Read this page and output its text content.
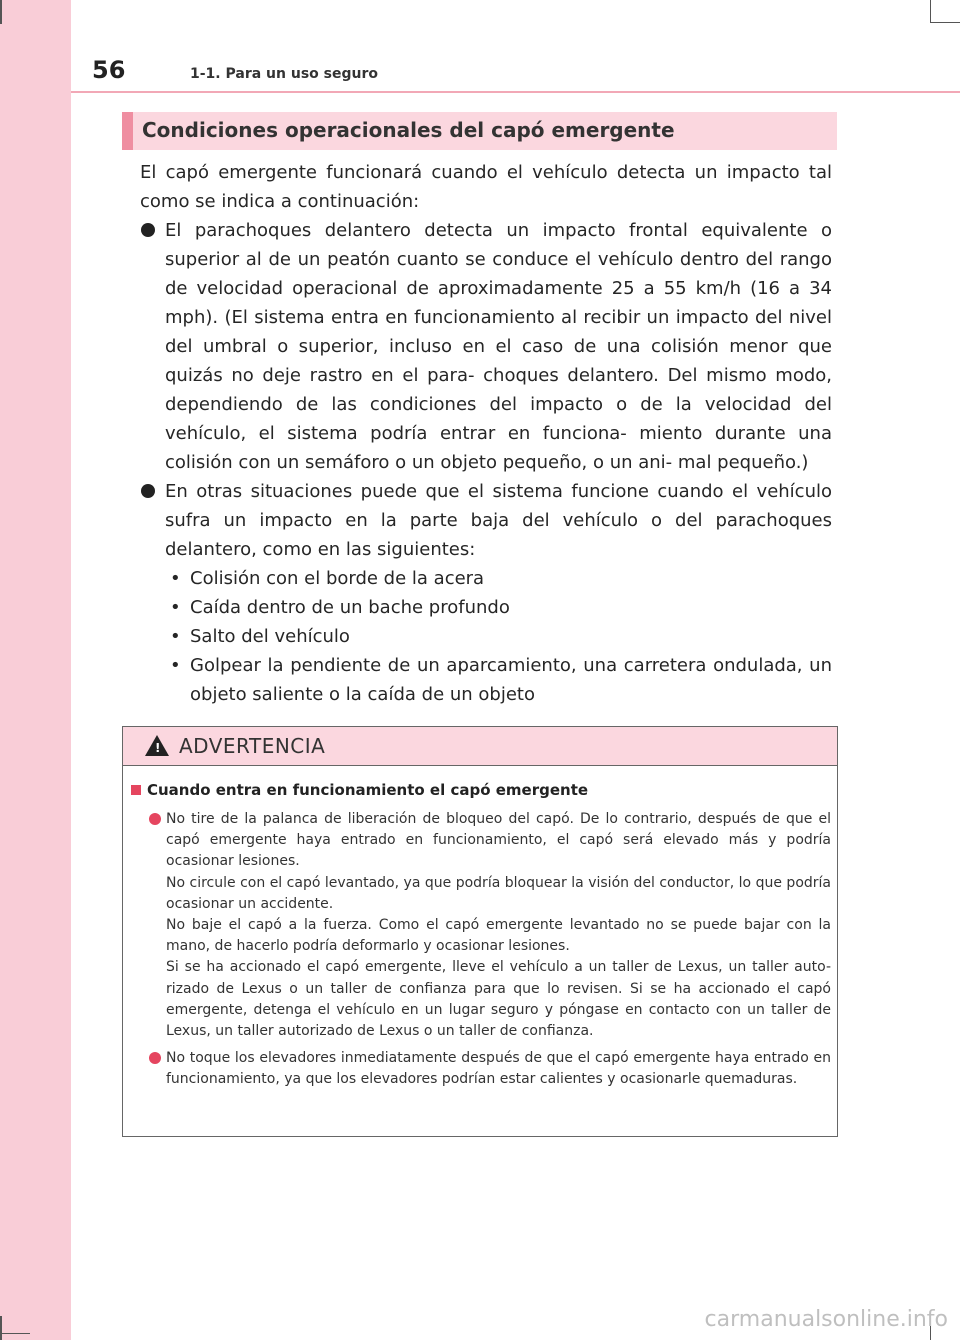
56	1-1. Para un uso seguro
Condiciones operacionales del capó emergente

El capó emergente funcionará cuando el vehículo detecta un impacto tal como se indica a continuación:

El parachoques delantero detecta un impacto frontal equivalente o superior al de un peatón cuanto se conduce el vehículo dentro del rango de velocidad operacional de aproximadamente 25 a 55 km/h (16 a 34 mph). (El sistema entra en funcionamiento al recibir un impacto del nivel del umbral o superior, incluso en el caso de una colisión menor que quizás no deje rastro en el para- choques delantero. Del mismo modo, dependiendo de las condiciones del impacto o de la velocidad del vehículo, el sistema podría entrar en funciona- miento durante una colisión con un semáforo o un objeto pequeño, o un ani- mal pequeño.)
En otras situaciones puede que el sistema funcione cuando el vehículo sufra un impacto en la parte baja del vehículo o del parachoques delantero, como en las siguientes:
• Colisión con el borde de la acera
• Caída dentro de un bache profundo
• Salto del vehículo
• Golpear la pendiente de un aparcamiento, una carretera ondulada, un objeto saliente o la caída de un objeto
! ADVERTENCIA
Cuando entra en funcionamiento el capó emergente

No tire de la palanca de liberación de bloqueo del capó. De lo contrario, después de que el capó emergente haya entrado en funcionamiento, el capó será elevado más y podría ocasionar lesiones.

No circule con el capó levantado, ya que podría bloquear la visión del conductor, lo que podría ocasionar un accidente.

No baje el capó a la fuerza. Como el capó emergente levantado no se puede bajar con la mano, de hacerlo podría deformarlo y ocasionar lesiones.

Si se ha accionado el capó emergente, lleve el vehículo a un taller de Lexus, un taller auto- rizado de Lexus o un taller de confianza para que lo revisen. Si se ha accionado el capó emergente, detenga el vehículo en un lugar seguro y póngase en contacto con un taller de Lexus, un taller autorizado de Lexus o un taller de confianza.

No toque los elevadores inmediatamente después de que el capó emergente haya entrado en funcionamiento, ya que los elevadores podrían estar calientes y ocasionarle quemaduras.

carmanualsonline.info
